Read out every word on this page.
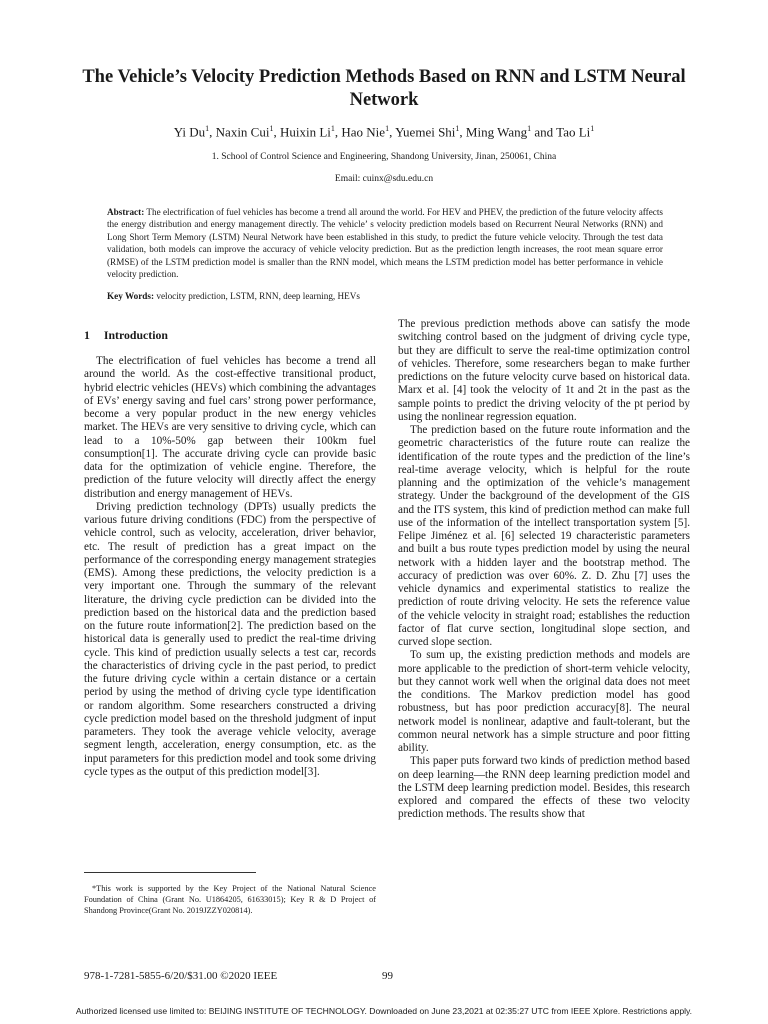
The Vehicle’s Velocity Prediction Methods Based on RNN and LSTM Neural Network
Yi Du$^1$, Naxin Cui$^1$, Huixin Li$^1$, Hao Nie$^1$, Yuemei Shi$^1$, Ming Wang$^1$ and Tao Li$^1$
1. School of Control Science and Engineering, Shandong University, Jinan, 250061, China
Email: cuinx@sdu.edu.cn
Abstract: The electrification of fuel vehicles has become a trend all around the world. For HEV and PHEV, the prediction of the future velocity affects the energy distribution and energy management directly. The vehicle’ s velocity prediction models based on Recurrent Neural Networks (RNN) and Long Short Term Memory (LSTM) Neural Network have been established in this study, to predict the future vehicle velocity. Through the test data validation, both models can improve the accuracy of vehicle velocity prediction. But as the prediction length increases, the root mean square error (RMSE) of the LSTM prediction model is smaller than the RNN model, which means the LSTM prediction model has better performance in vehicle velocity prediction.
Key Words: velocity prediction, LSTM, RNN, deep learning, HEVs
1 Introduction

The electrification of fuel vehicles has become a trend all around the world. As the cost-effective transitional product, hybrid electric vehicles (HEVs) which combining the advantages of EVs’ energy saving and fuel cars’ strong power performance, become a very popular product in the new energy vehicles market. The HEVs are very sensitive to driving cycle, which can lead to a 10%-50% gap between their 100km fuel consumption[1]. The accurate driving cycle can provide basic data for the optimization of vehicle engine. Therefore, the prediction of the future velocity will directly affect the energy distribution and energy management of HEVs.

Driving prediction technology (DPTs) usually predicts the various future driving conditions (FDC) from the perspective of vehicle control, such as velocity, acceleration, driver behavior, etc. The result of prediction has a great impact on the performance of the corresponding energy management strategies (EMS). Among these predictions, the velocity prediction is a very important one. Through the summary of the relevant literature, the driving cycle prediction can be divided into the prediction based on the historical data and the prediction based on the future route information[2]. The prediction based on the historical data is generally used to predict the real-time driving cycle. This kind of prediction usually selects a test car, records the characteristics of driving cycle in the past period, to predict the future driving cycle within a certain distance or a certain period by using the method of driving cycle type identification or random algorithm. Some researchers constructed a driving cycle prediction model based on the threshold judgment of input parameters. They took the average vehicle velocity, average segment length, acceleration, energy consumption, etc. as the input parameters for this prediction model and took some driving cycle types as the output of this prediction model[3].

The previous prediction methods above can satisfy the mode switching control based on the judgment of driving cycle type, but they are difficult to serve the real-time optimization control of vehicles. Therefore, some researchers began to make further predictions on the future velocity curve based on historical data. Marx et al. [4] took the velocity of 1t and 2t in the past as the sample points to predict the driving velocity of the pt period by using the nonlinear regression equation.

The prediction based on the future route information and the geometric characteristics of the future route can realize the identification of the route types and the prediction of the line’s real-time average velocity, which is helpful for the route planning and the optimization of the vehicle’s management strategy. Under the background of the development of the GIS and the ITS system, this kind of prediction method can make full use of the information of the intellect transportation system [5]. Felipe Jiménez et al. [6] selected 19 characteristic parameters and built a bus route types prediction model by using the neural network with a hidden layer and the bootstrap method. The accuracy of prediction was over 60%. Z. D. Zhu [7] uses the vehicle dynamics and experimental statistics to realize the prediction of route driving velocity. He sets the reference value of the vehicle velocity in straight road; establishes the reduction factor of flat curve section, longitudinal slope section, and curved slope section.

To sum up, the existing prediction methods and models are more applicable to the prediction of short-term vehicle velocity, but they cannot work well when the original data does not meet the conditions. The Markov prediction model has good robustness, but has poor prediction accuracy[8]. The neural network model is nonlinear, adaptive and fault-tolerant, but the common neural network has a simple structure and poor fitting ability.

This paper puts forward two kinds of prediction method based on deep learning—the RNN deep learning prediction model and the LSTM deep learning prediction model. Besides, this research explored and compared the effects of these two velocity prediction methods. The results show that

*This work is supported by the Key Project of the National Natural Science Foundation of China (Grant No. U1864205, 61633015); Key R & D Project of Shandong Province(Grant No. 2019JZZY020814).
978-1-7281-5855-6/20/$31.00 ©2020 IEEE	99
Authorized licensed use limited to: BEIJING INSTITUTE OF TECHNOLOGY. Downloaded on June 23,2021 at 02:35:27 UTC from IEEE Xplore. Restrictions apply.
